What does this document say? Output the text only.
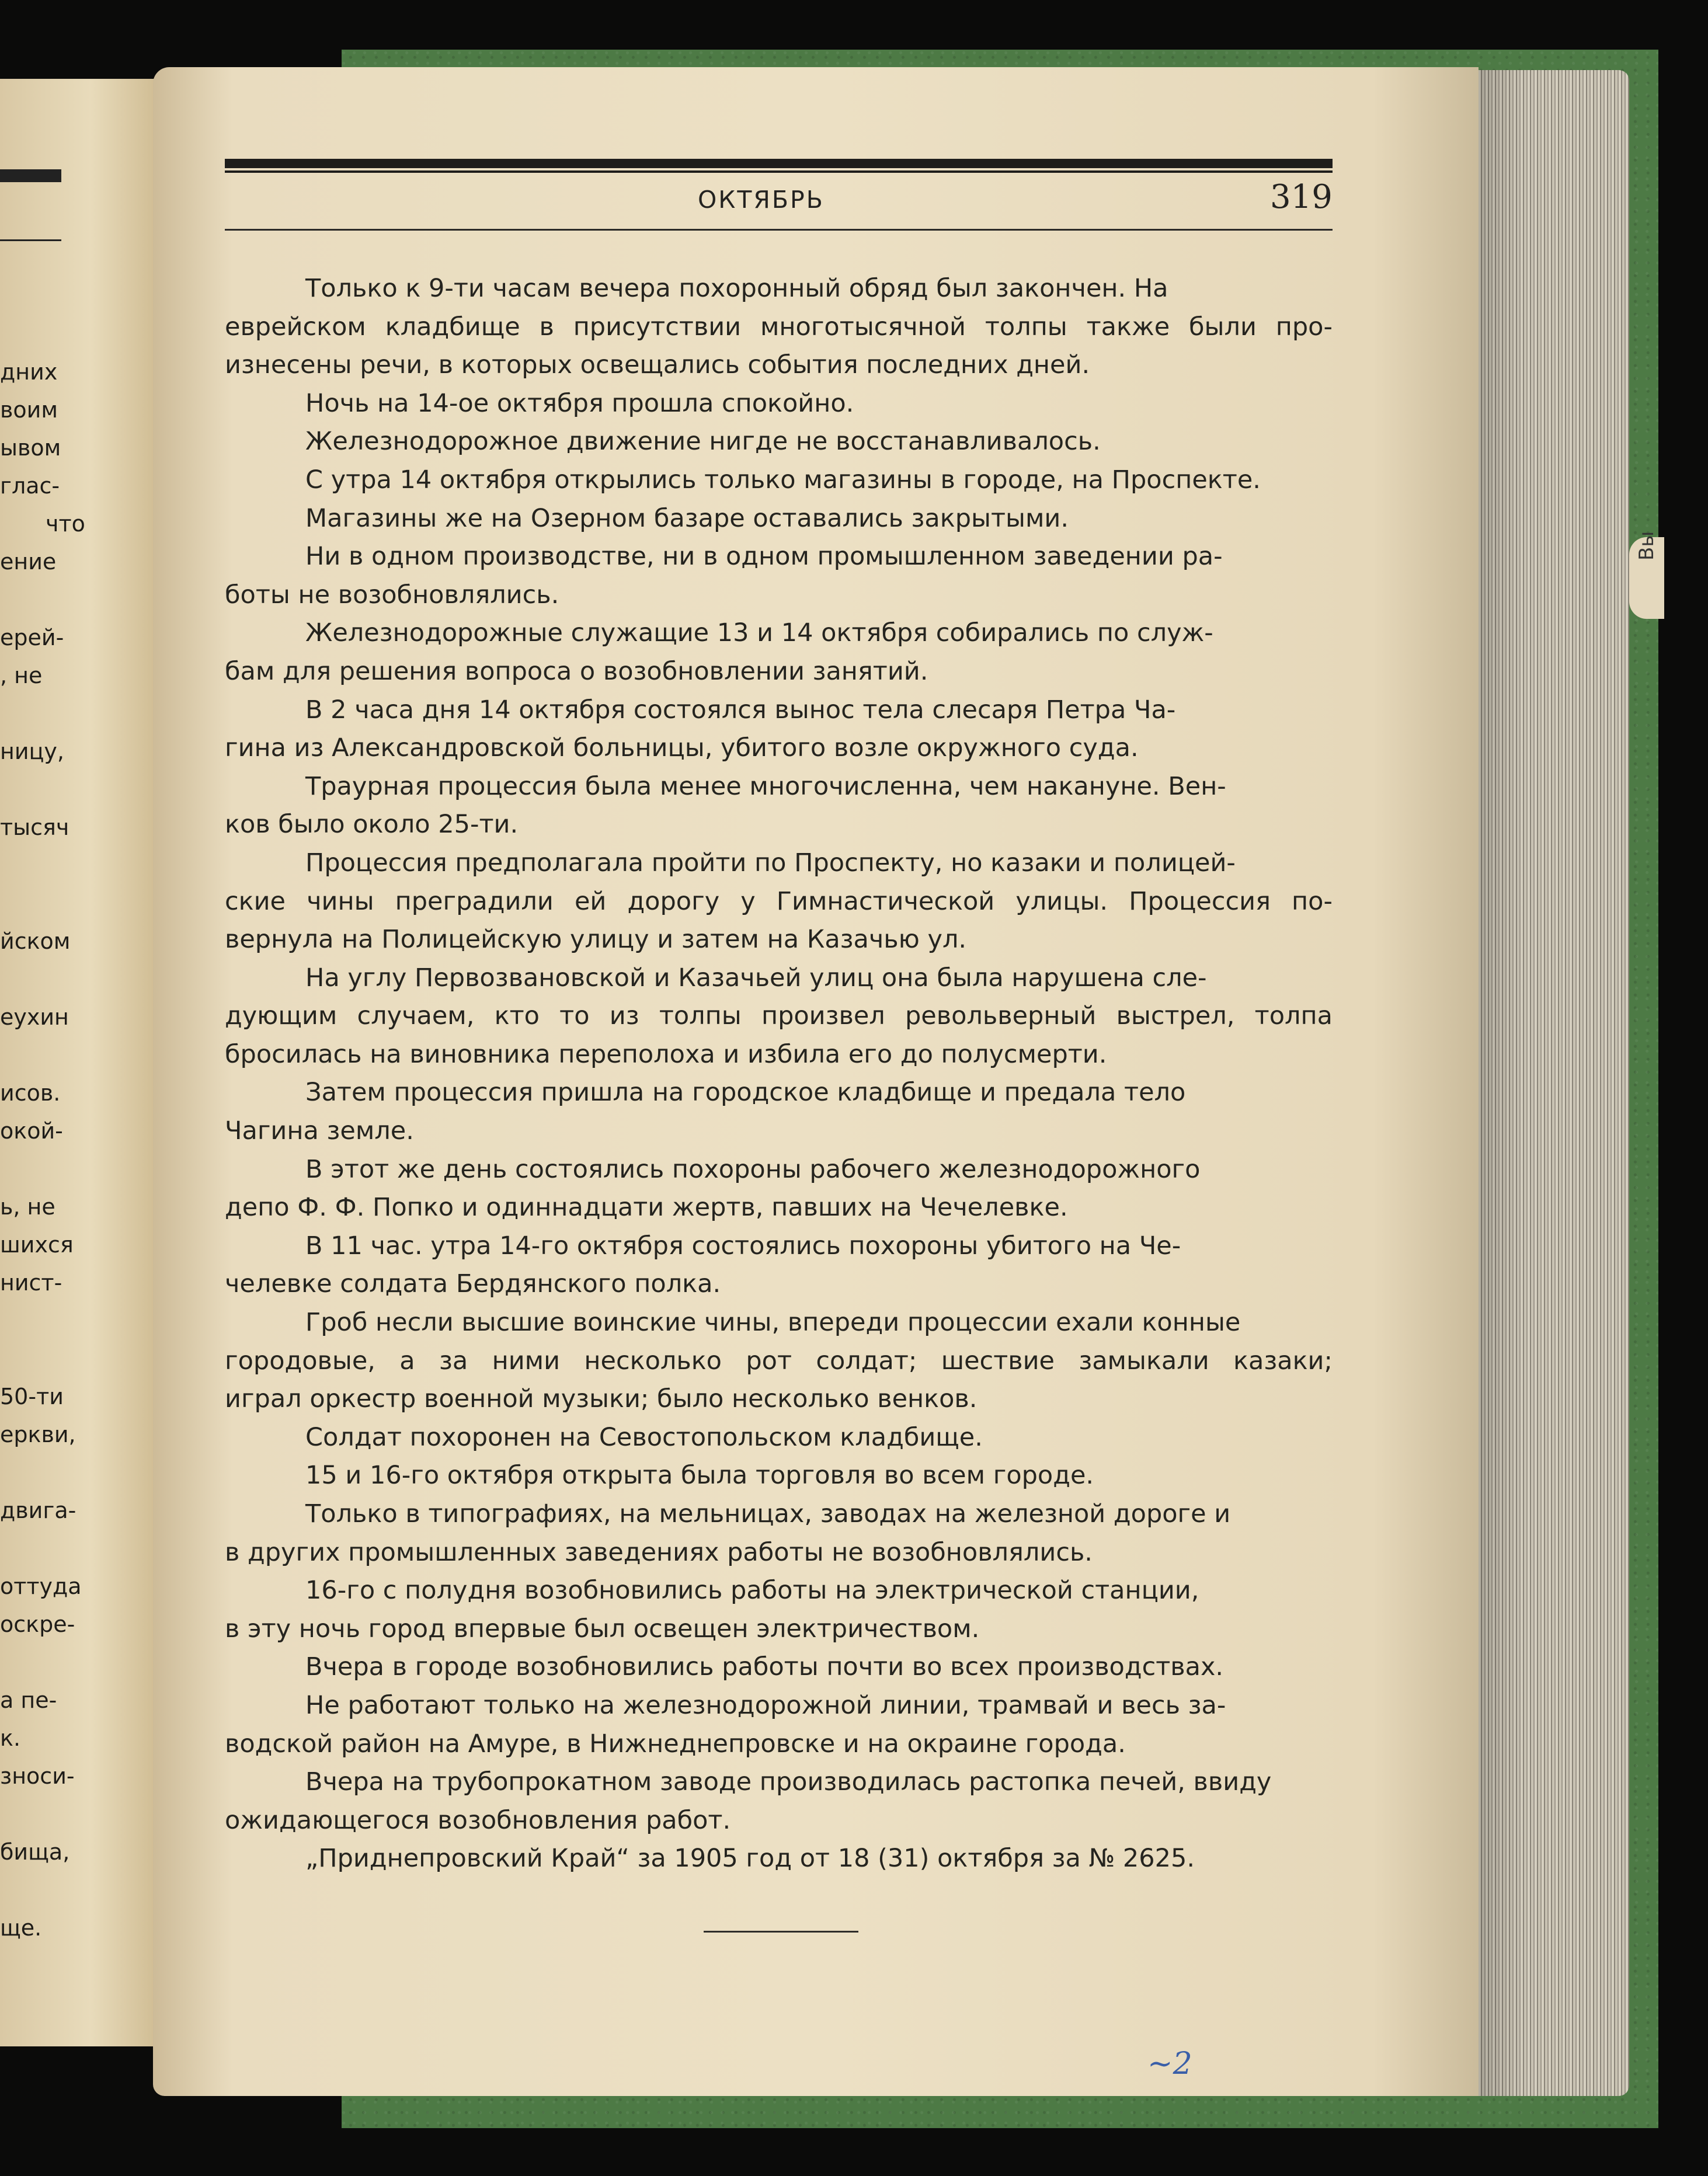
дних
воим
ывом
глас-
что
ение
ерей-
, не
ницу,
тысяч
йском
еухин
исов.
окой-
ь, не
шихся
нист-
50-ти
еркви,
двига-
оттуда
оскре-
а пе-
к.
зноси-
бища,
ще.
Вы
ОКТЯБРЬ	319
Только к 9-ти часам вечера похоронный обряд был закончен. На
еврейском кладбище в присутствии многотысячной толпы также были про-
изнесены речи, в которых освещались события последних дней.
Ночь на 14-ое октября прошла спокойно.
Железнодорожное движение нигде не восстанавливалось.
С утра 14 октября открылись только магазины в городе, на Проспекте.
Магазины же на Озерном базаре оставались закрытыми.
Ни в одном производстве, ни в одном промышленном заведении ра-
боты не возобновлялись.
Железнодорожные служащие 13 и 14 октября собирались по служ-
бам для решения вопроса о возобновлении занятий.
В 2 часа дня 14 октября состоялся вынос тела слесаря Петра Ча-
гина из Александровской больницы, убитого возле окружного суда.
Траурная процессия была менее многочисленна, чем накануне. Вен-
ков было около 25-ти.
Процессия предполагала пройти по Проспекту, но казаки и полицей-
ские чины преградили ей дорогу у Гимнастической улицы. Процессия по-
вернула на Полицейскую улицу и затем на Казачью ул.
На углу Первозвановской и Казачьей улиц она была нарушена сле-
дующим случаем, кто то из толпы произвел револьверный выстрел, толпа
бросилась на виновника переполоха и избила его до полусмерти.
Затем процессия пришла на городское кладбище и предала тело
Чагина земле.
В этот же день состоялись похороны рабочего железнодорожного
депо Ф. Ф. Попко и одиннадцати жертв, павших на Чечелевке.
В 11 час. утра 14-го октября состоялись похороны убитого на Че-
челевке солдата Бердянского полка.
Гроб несли высшие воинские чины, впереди процессии ехали конные
городовые, а за ними несколько рот солдат; шествие замыкали казаки;
играл оркестр военной музыки; было несколько венков.
Солдат похоронен на Севостопольском кладбище.
15 и 16-го октября открыта была торговля во всем городе.
Только в типографиях, на мельницах, заводах на железной дороге и
в других промышленных заведениях работы не возобновлялись.
16-го с полудня возобновились работы на электрической станции,
в эту ночь город впервые был освещен электричеством.
Вчера в городе возобновились работы почти во всех производствах.
Не работают только на железнодорожной линии, трамвай и весь за-
водской район на Амуре, в Нижнеднепровске и на окраине города.
Вчера на трубопрокатном заводе производилась растопка печей, ввиду
ожидающегося возобновления работ.
„Приднепровский Край“ за 1905 год от 18 (31) октября за № 2625.
~2
